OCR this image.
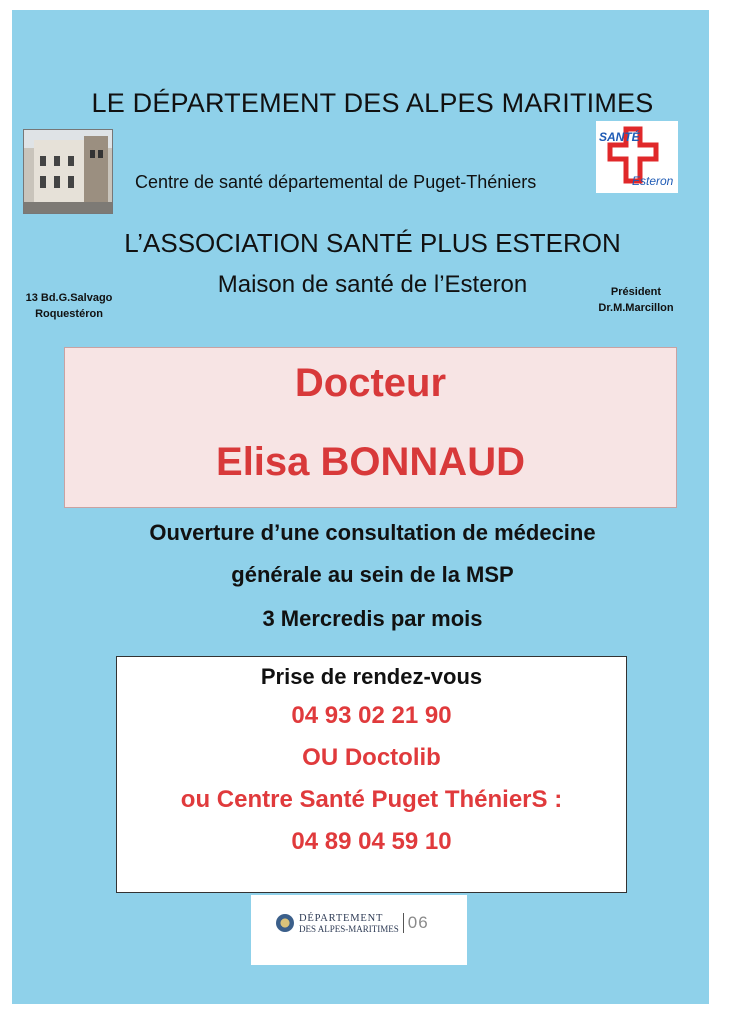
LE DÉPARTEMENT DES ALPES MARITIMES
Centre de santé départemental de Puget-Théniers
SANTÉ
Esteron
L’ASSOCIATION SANTÉ PLUS ESTERON
Maison de santé de l’Esteron
13 Bd.G.Salvago
Roquestéron
Président
Dr.M.Marcillon
Docteur
Elisa BONNAUD
Ouverture d’une consultation de médecine
générale au sein de la MSP
3 Mercredis par mois
Prise de rendez-vous
04 93 02 21 90
OU Doctolib
ou Centre Santé Puget ThénierS :
04 89 04 59 10
DÉPARTEMENT
DES ALPES-MARITIMES 06
